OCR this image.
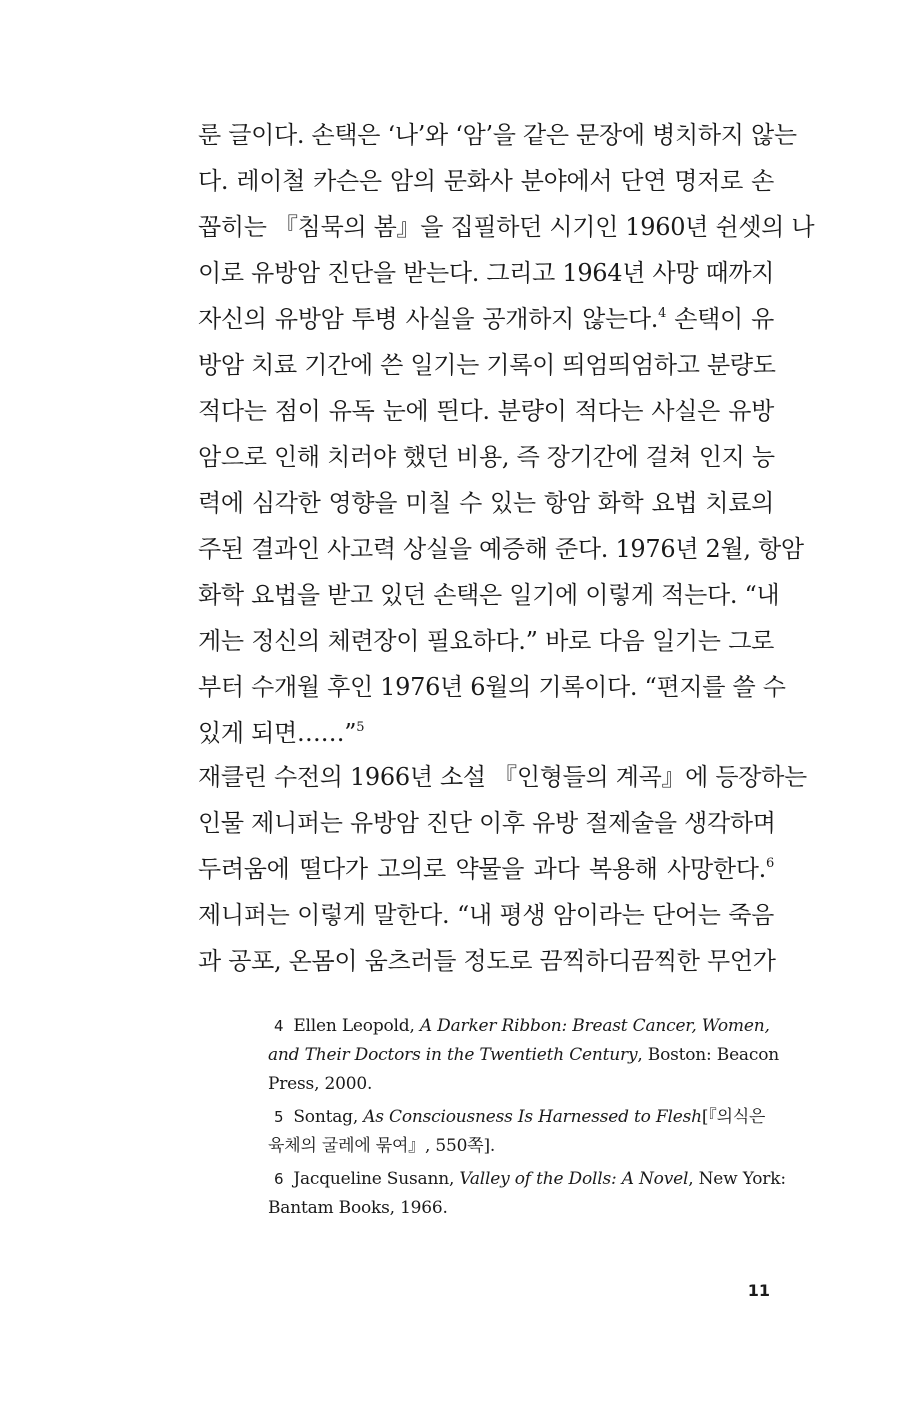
룬 글이다. 손택은 ‘나’와 ‘암’을 같은 문장에 병치하지 않는
다. 레이철 카슨은 암의 문화사 분야에서 단연 명저로 손
꼽히는 『침묵의 봄』을 집필하던 시기인 1960년 쉰셋의 나
이로 유방암 진단을 받는다. 그리고 1964년 사망 때까지
자신의 유방암 투병 사실을 공개하지 않는다.$^4$ 손택이 유
방암 치료 기간에 쓴 일기는 기록이 띄엄띄엄하고 분량도
적다는 점이 유독 눈에 띈다. 분량이 적다는 사실은 유방
암으로 인해 치러야 했던 비용, 즉 장기간에 걸쳐 인지 능
력에 심각한 영향을 미칠 수 있는 항암 화학 요법 치료의
주된 결과인 사고력 상실을 예증해 준다. 1976년 2월, 항암
화학 요법을 받고 있던 손택은 일기에 이렇게 적는다. “내
게는 정신의 체련장이 필요하다.” 바로 다음 일기는 그로
부터 수개월 후인 1976년 6월의 기록이다. “편지를 쓸 수
있게 되면……”$^5$
재클린 수전의 1966년 소설 『인형들의 계곡』에 등장하는
인물 제니퍼는 유방암 진단 이후 유방 절제술을 생각하며
두려움에 떨다가 고의로 약물을 과다 복용해 사망한다.$^6$
제니퍼는 이렇게 말한다. “내 평생 암이라는 단어는 죽음
과 공포, 온몸이 움츠러들 정도로 끔찍하디끔찍한 무언가
4 Ellen Leopold, A Darker Ribbon: Breast Cancer, Women,
and Their Doctors in the Twentieth Century, Boston: Beacon
Press, 2000.
5 Sontag, As Consciousness Is Harnessed to Flesh[『의식은
육체의 굴레에 묶여』, 550쪽].
6 Jacqueline Susann, Valley of the Dolls: A Novel, New York:
Bantam Books, 1966.
11
